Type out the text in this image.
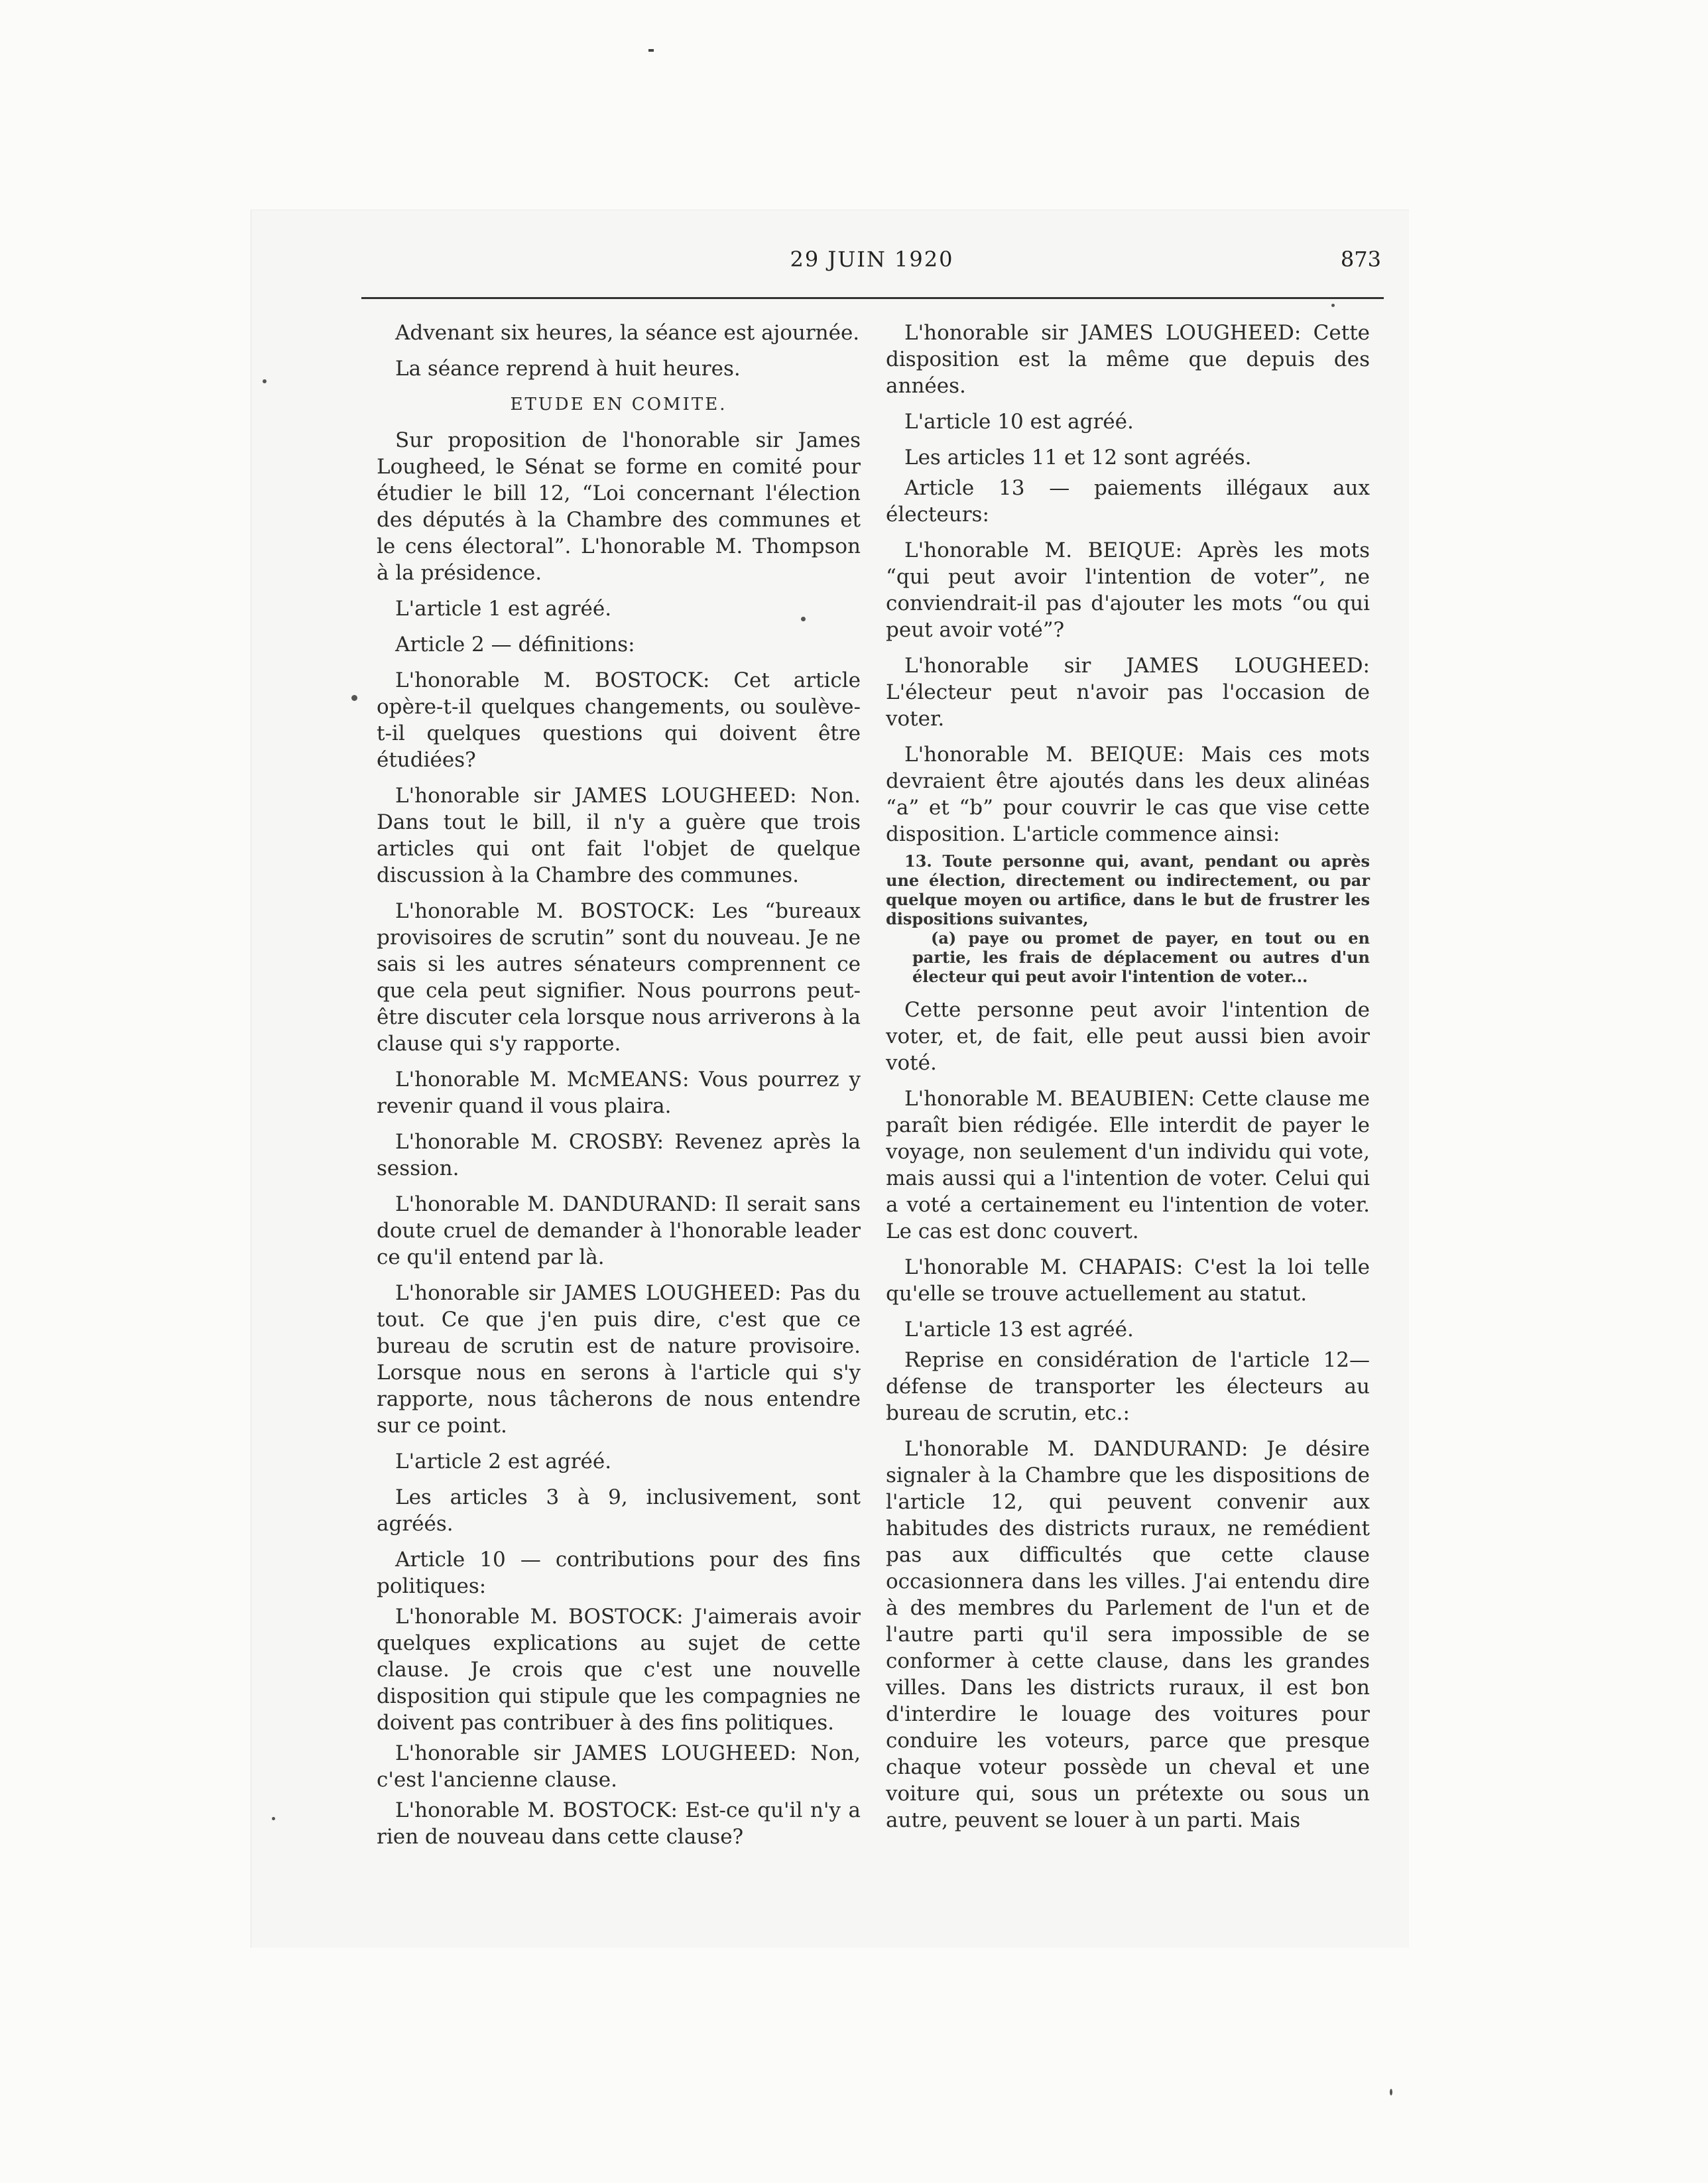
29 JUIN 1920	873

Advenant six heures, la séance est ajournée.

La séance reprend à huit heures.

ETUDE EN COMITE.

Sur proposition de l'honorable sir James Lougheed, le Sénat se forme en comité pour étudier le bill 12, “Loi concernant l'élection des députés à la Chambre des communes et le cens électoral”. L'honorable M. Thompson à la présidence.

L'article 1 est agréé.

Article 2 — définitions:

L'honorable M. BOSTOCK: Cet article opère-t-il quelques changements, ou soulève-t-il quelques questions qui doivent être étudiées?

L'honorable sir JAMES LOUGHEED: Non. Dans tout le bill, il n'y a guère que trois articles qui ont fait l'objet de quelque discussion à la Chambre des communes.

L'honorable M. BOSTOCK: Les “bureaux provisoires de scrutin” sont du nouveau. Je ne sais si les autres sénateurs comprennent ce que cela peut signifier. Nous pourrons peut-être discuter cela lorsque nous arriverons à la clause qui s'y rapporte.

L'honorable M. McMEANS: Vous pourrez y revenir quand il vous plaira.

L'honorable M. CROSBY: Revenez après la session.

L'honorable M. DANDURAND: Il serait sans doute cruel de demander à l'honorable leader ce qu'il entend par là.

L'honorable sir JAMES LOUGHEED: Pas du tout. Ce que j'en puis dire, c'est que ce bureau de scrutin est de nature provisoire. Lorsque nous en serons à l'article qui s'y rapporte, nous tâcherons de nous entendre sur ce point.

L'article 2 est agréé.

Les articles 3 à 9, inclusivement, sont agréés.

Article 10 — contributions pour des fins politiques:

L'honorable M. BOSTOCK: J'aimerais avoir quelques explications au sujet de cette clause. Je crois que c'est une nouvelle disposition qui stipule que les compagnies ne doivent pas contribuer à des fins politiques.

L'honorable sir JAMES LOUGHEED: Non, c'est l'ancienne clause.

L'honorable M. BOSTOCK: Est-ce qu'il n'y a rien de nouveau dans cette clause?

L'honorable sir JAMES LOUGHEED: Cette disposition est la même que depuis des années.

L'article 10 est agréé.

Les articles 11 et 12 sont agréés.

Article 13 — paiements illégaux aux électeurs:

L'honorable M. BEIQUE: Après les mots “qui peut avoir l'intention de voter”, ne conviendrait-il pas d'ajouter les mots “ou qui peut avoir voté”?

L'honorable sir JAMES LOUGHEED: L'électeur peut n'avoir pas l'occasion de voter.

L'honorable M. BEIQUE: Mais ces mots devraient être ajoutés dans les deux alinéas “a” et “b” pour couvrir le cas que vise cette disposition. L'article commence ainsi:

13. Toute personne qui, avant, pendant ou après une élection, directement ou indirectement, ou par quelque moyen ou artifice, dans le but de frustrer les dispositions suivantes,

(a) paye ou promet de payer, en tout ou en partie, les frais de déplacement ou autres d'un électeur qui peut avoir l'intention de voter...

Cette personne peut avoir l'intention de voter, et, de fait, elle peut aussi bien avoir voté.

L'honorable M. BEAUBIEN: Cette clause me paraît bien rédigée. Elle interdit de payer le voyage, non seulement d'un individu qui vote, mais aussi qui a l'intention de voter. Celui qui a voté a certainement eu l'intention de voter. Le cas est donc couvert.

L'honorable M. CHAPAIS: C'est la loi telle qu'elle se trouve actuellement au statut.

L'article 13 est agréé.

Reprise en considération de l'article 12— défense de transporter les électeurs au bureau de scrutin, etc.:

L'honorable M. DANDURAND: Je désire signaler à la Chambre que les dispositions de l'article 12, qui peuvent convenir aux habitudes des districts ruraux, ne remédient pas aux difficultés que cette clause occasionnera dans les villes. J'ai entendu dire à des membres du Parlement de l'un et de l'autre parti qu'il sera impossible de se conformer à cette clause, dans les grandes villes. Dans les districts ruraux, il est bon d'interdire le louage des voitures pour conduire les voteurs, parce que presque chaque voteur possède un cheval et une voiture qui, sous un prétexte ou sous un autre, peuvent se louer à un parti. Mais
